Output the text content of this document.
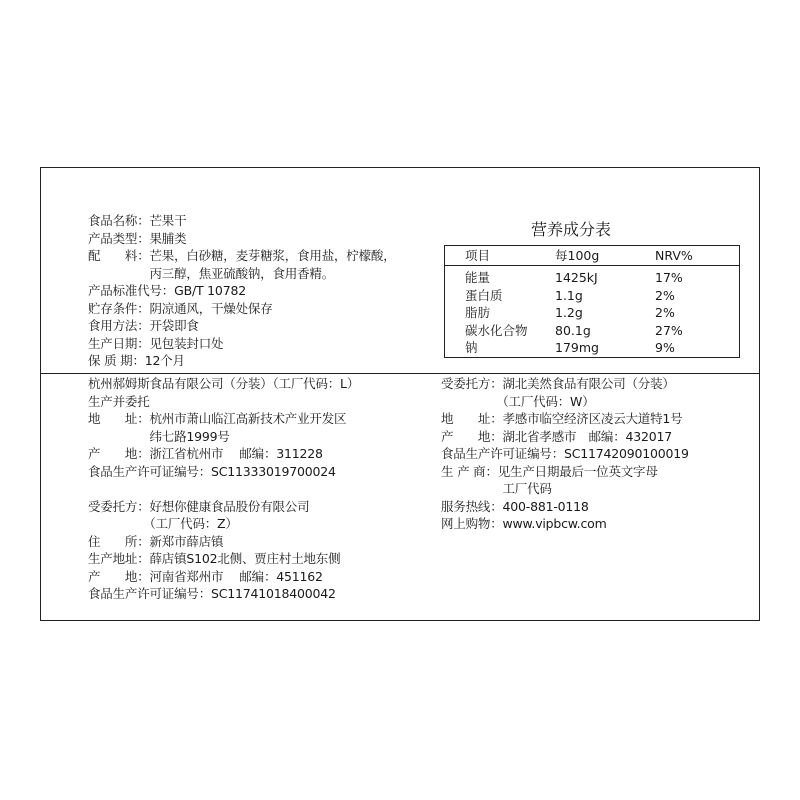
食品名称：芒果干
产品类型：果脯类
配　　料：芒果，白砂糖，麦芽糖浆，食用盐，柠檬酸，
　　　　　丙三醇，焦亚硫酸钠，食用香精。
产品标准代号：GB/T 10782
贮存条件：阴凉通风，干燥处保存
食用方法：开袋即食
生产日期：见包装封口处
保 质 期：12个月
营养成分表
项目	每100g	NRV%
能量	1425kJ	17%
蛋白质	1.1g	2%
脂肪	1.2g	2%
碳水化合物 80.1g	27%
钠	179mg	9%
杭州郝姆斯食品有限公司（分装）（工厂代码：L）
生产并委托
地　　址：杭州市萧山临江高新技术产业开发区
　　　　　纬七路1999号
产　　地：浙江省杭州市　 邮编：311228
食品生产许可证编号：SC11333019700024
受委托方：好想你健康食品股份有限公司
　　　　　（工厂代码：Z）
住　　所：新郑市薛店镇
生产地址：薛店镇S102北侧、贾庄村土地东侧
产　　地：河南省郑州市　 邮编：451162
食品生产许可证编号：SC11741018400042
受委托方：湖北美然食品有限公司（分装）
　　　　　（工厂代码：W）
地　　址：孝感市临空经济区凌云大道特1号
产　　地：湖北省孝感市　邮编：432017
食品生产许可证编号：SC11742090100019
生 产 商：见生产日期最后一位英文字母
　　　　　工厂代码
服务热线：400-881-0118
网上购物：www.vipbcw.com
